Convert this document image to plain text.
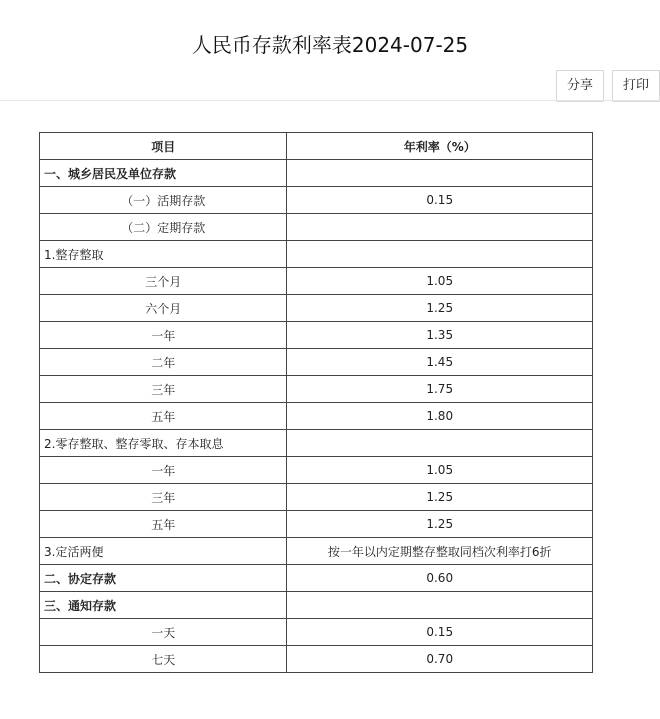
人民币存款利率表2024-07-25
分享	打印
项目	年利率（%）
一、城乡居民及单位存款	
（一）活期存款	0.15
（二）定期存款	
1.整存整取	
三个月	1.05
六个月	1.25
一年	1.35
二年	1.45
三年	1.75
五年	1.80
2.零存整取、整存零取、存本取息	
一年	1.05
三年	1.25
五年	1.25
3.定活两便	按一年以内定期整存整取同档次利率打6折
二、协定存款	0.60
三、通知存款	
一天	0.15
七天	0.70
